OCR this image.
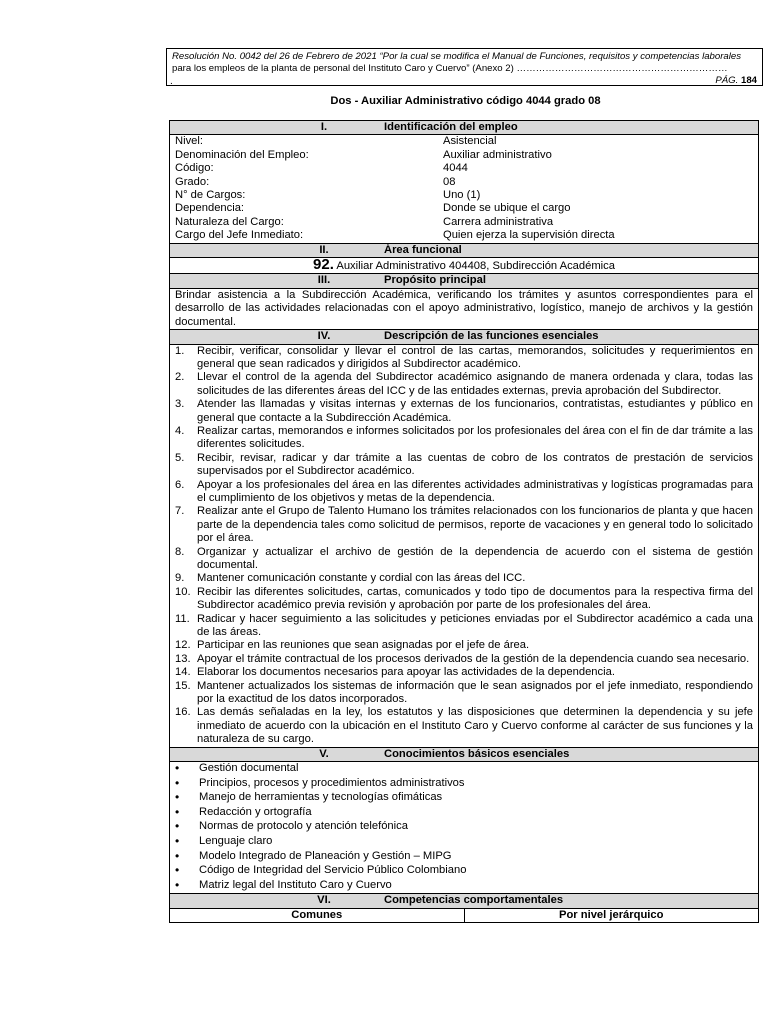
Resolución No. 0042 del 26 de Febrero de 2021 “Por la cual se modifica el Manual de Funciones, requisitos y competencias laborales
para los empleos de la planta de personal del Instituto Caro y Cuervo” (Anexo 2) …………………………………………………………
PÁG. 184
.
Dos - Auxiliar Administrativo código 4044 grado 08
I.	Identificación del empleo

Nivel:	Asistencial
Denominación del Empleo:	Auxiliar administrativo
Código:	4044
Grado:	08
N° de Cargos:	Uno (1)
Dependencia:	Donde se ubique el cargo
Naturaleza del Cargo:	Carrera administrativa
Cargo del Jefe Inmediato:	Quien ejerza la supervisión directa

II.	Área funcional
92. Auxiliar Administrativo 404408, Subdirección Académica
III.	Propósito principal
Brindar asistencia a la Subdirección Académica, verificando los trámites y asuntos correspondientes para el desarrollo de las actividades relacionadas con el apoyo administrativo, logístico, manejo de archivos y la gestión documental.
IV.	Descripción de las funciones esenciales

1.	Recibir, verificar, consolidar y llevar el control de las cartas, memorandos, solicitudes y requerimientos en general que sean radicados y dirigidos al Subdirector académico.
2.	Llevar el control de la agenda del Subdirector académico asignando de manera ordenada y clara, todas las solicitudes de las diferentes áreas del ICC y de las entidades externas, previa aprobación del Subdirector.
3.	Atender las llamadas y visitas internas y externas de los funcionarios, contratistas, estudiantes y público en general que contacte a la Subdirección Académica.
4.	Realizar cartas, memorandos e informes solicitados por los profesionales del área con el fin de dar trámite a las diferentes solicitudes.
5.	Recibir, revisar, radicar y dar trámite a las cuentas de cobro de los contratos de prestación de servicios supervisados por el Subdirector académico.
6.	Apoyar a los profesionales del área en las diferentes actividades administrativas y logísticas programadas para el cumplimiento de los objetivos y metas de la dependencia.
7.	Realizar ante el Grupo de Talento Humano los trámites relacionados con los funcionarios de planta y que hacen parte de la dependencia tales como solicitud de permisos, reporte de vacaciones y en general todo lo solicitado por el área.
8.	Organizar y actualizar el archivo de gestión de la dependencia de acuerdo con el sistema de gestión documental.
9.	Mantener comunicación constante y cordial con las áreas del ICC.
10. Recibir las diferentes solicitudes, cartas, comunicados y todo tipo de documentos para la respectiva firma del Subdirector académico previa revisión y aprobación por parte de los profesionales del área.
11. Radicar y hacer seguimiento a las solicitudes y peticiones enviadas por el Subdirector académico a cada una de las áreas.
12. Participar en las reuniones que sean asignadas por el jefe de área.
13. Apoyar el trámite contractual de los procesos derivados de la gestión de la dependencia cuando sea necesario.
14. Elaborar los documentos necesarios para apoyar las actividades de la dependencia.
15. Mantener actualizados los sistemas de información que le sean asignados por el jefe inmediato, respondiendo por la exactitud de los datos incorporados.
16. Las demás señaladas en la ley, los estatutos y las disposiciones que determinen la dependencia y su jefe inmediato de acuerdo con la ubicación en el Instituto Caro y Cuervo conforme al carácter de sus funciones y la naturaleza de su cargo.

V.	Conocimientos básicos esenciales

•	Gestión documental
•	Principios, procesos y procedimientos administrativos
•	Manejo de herramientas y tecnologías ofimáticas
•	Redacción y ortografía
•	Normas de protocolo y atención telefónica
•	Lenguaje claro
•	Modelo Integrado de Planeación y Gestión – MIPG
•	Código de Integridad del Servicio Público Colombiano
•	Matriz legal del Instituto Caro y Cuervo

VI.	Competencias comportamentales
Comunes	Por nivel jerárquico
